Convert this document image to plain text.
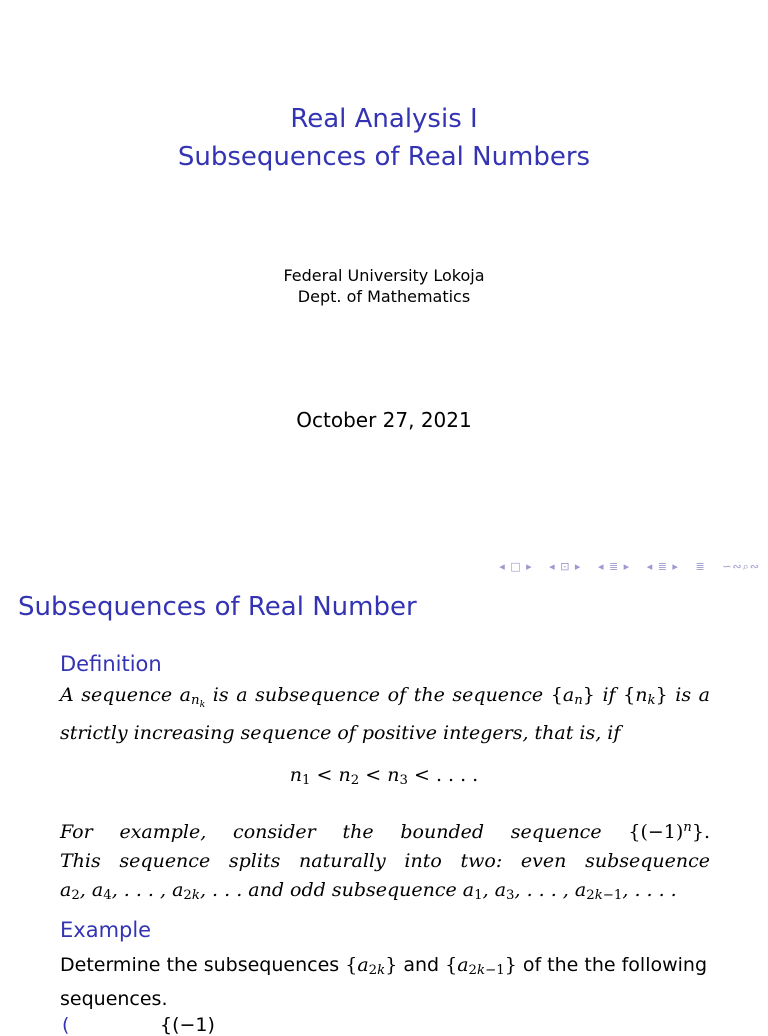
Real Analysis I
Subsequences of Real Numbers
Federal University Lokoja
Dept. of Mathematics
October 27, 2021
◂ □ ▸ ◂ ⊡ ▸ ◂ ≣ ▸ ◂ ≣ ▸ ≣ ∽∾⌕∾
Subsequences of Real Number
Definition
A sequence $a_{n_k}$ is a subsequence of the sequence $\{a_n\}$ if $\{n_k\}$ is a
strictly increasing sequence of positive integers, that is, if
$n_1 < n_2 < n_3$ < . . . .
For example, consider the bounded sequence $\{(-1)^n\}$.
This sequence splits naturally into two: even subsequence
$a_2$, $a_4$, . . . , $a_{2k}$, . . . and odd subsequence $a_1$, $a_3$, . . . , $a_{2k-1}$, . . . .
Example
Determine the subsequences $\{a_{2k}\}$ and $\{a_{2k-1}\}$ of the the following
sequences.
(	{(−1)
